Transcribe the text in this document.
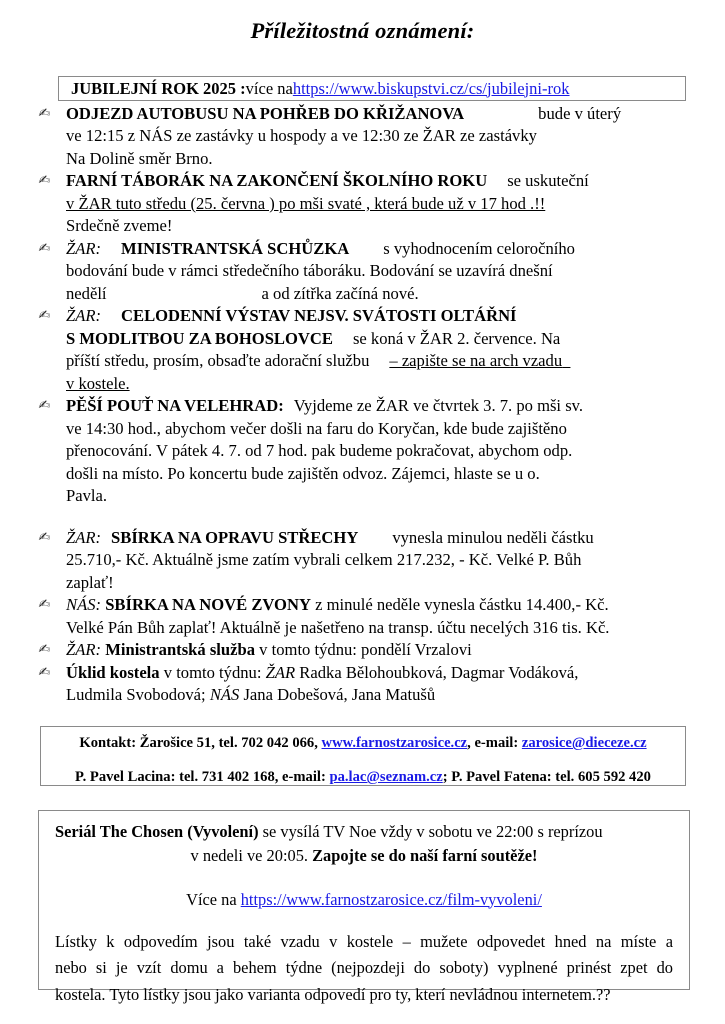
Příležitostná oznámení:
JUBILEJNÍ ROK 2025 : více na https://www.biskupstvi.cz/cs/jubilejni-rok
✍ ODJEZD AUTOBUSU NA POHŘEB DO KŘIŽANOVA	bude v úterý
ve 12:15 z NÁS ze zastávky u hospody a ve 12:30 ze ŽAR ze zastávky
Na Dolině směr Brno.
✍ FARNÍ TÁBORÁK NA ZAKONČENÍ ŠKOLNÍHO ROKU se uskuteční
v ŽAR tuto středu (25. června ) po mši svaté , která bude už v 17 hod .!!
Srdečně zveme!
✍ ŽAR: MINISTRANTSKÁ SCHŮZKA s vyhodnocením celoročního
bodování bude v rámci středečního táboráku. Bodování se uzavírá dnešní
nedělí	a od zítřka začíná nové.
✍ ŽAR: CELODENNÍ VÝSTAV NEJSV. SVÁTOSTI OLTÁŘNÍ
S MODLITBOU ZA BOHOSLOVCE se koná v ŽAR 2. července. Na
příští středu, prosím, obsaďte adorační službu – zapište se na arch vzadu
v kostele.
✍ PĚŠÍ POUŤ NA VELEHRAD: Vyjdeme ze ŽAR ve čtvrtek 3. 7. po mši sv.
ve 14:30 hod., abychom večer došli na faru do Koryčan, kde bude zajištěno
přenocování. V pátek 4. 7. od 7 hod. pak budeme pokračovat, abychom odp.
došli na místo. Po koncertu bude zajištěn odvoz. Zájemci, hlaste se u o.
Pavla.
✍ ŽAR: SBÍRKA NA OPRAVU STŘECHY vynesla minulou neděli částku
25.710,- Kč. Aktuálně jsme zatím vybrali celkem 217.232, - Kč. Velké P. Bůh
zaplať!
✍ NÁS: SBÍRKA NA NOVÉ ZVONY z minulé neděle vynesla částku 14.400,- Kč.
Velké Pán Bůh zaplať! Aktuálně je našetřeno na transp. účtu necelých 316 tis. Kč.
✍ ŽAR: Ministrantská služba v tomto týdnu: pondělí Vrzalovi
✍ Úklid kostela v tomto týdnu: ŽAR Radka Bělohoubková, Dagmar Vodáková,
Ludmila Svobodová; NÁS Jana Dobešová, Jana Matušů
Kontakt: Žarošice 51, tel. 702 042 066, www.farnostzarosice.cz, e-mail: zarosice@dieceze.cz
P. Pavel Lacina: tel. 731 402 168, e-mail: pa.lac@seznam.cz; P. Pavel Fatena: tel. 605 592 420
Seriál The Chosen (Vyvolení) se vysílá TV Noe vždy v sobotu ve 22:00 s reprízou
v nedeli ve 20:05. Zapojte se do naší farní soutěže!
Více na https://www.farnostzarosice.cz/film-vyvoleni/
Lístky k odpovedím jsou také vzadu v kostele – mužete odpovedet hned na míste a
nebo si je vzít domu a behem týdne (nejpozdeji do soboty) vyplnené prinést zpet do
kostela. Tyto lístky jsou jako varianta odpovedí pro ty, kterí nevládnou internetem.??
